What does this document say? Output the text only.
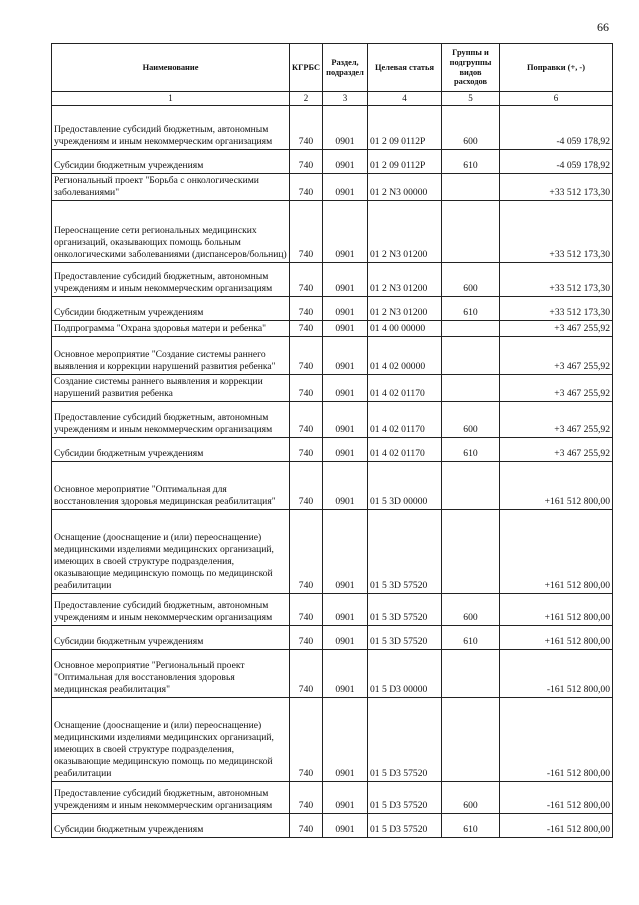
66
Наименование	КГРБС	Раздел, подраздел	Целевая статья	Группы и подгруппы видов расходов	Поправки (+, -)
1	2	3	4	5	6
Предоставление субсидий бюджетным, автономным учреждениям и иным некоммерческим организациям	740	0901	01 2 09 0112Р	600	-4 059 178,92
Субсидии бюджетным учреждениям	740	0901	01 2 09 0112Р	610	-4 059 178,92
Региональный проект "Борьба с онкологическими заболеваниями"	740	0901	01 2 N3 00000		+33 512 173,30
Переоснащение сети региональных медицинских организаций, оказывающих помощь больным онкологическими заболеваниями (диспансеров/больниц)	740	0901	01 2 N3 01200		+33 512 173,30
Предоставление субсидий бюджетным, автономным учреждениям и иным некоммерческим организациям	740	0901	01 2 N3 01200	600	+33 512 173,30
Субсидии бюджетным учреждениям	740	0901	01 2 N3 01200	610	+33 512 173,30
Подпрограмма "Охрана здоровья матери и ребенка"	740	0901	01 4 00 00000		+3 467 255,92
Основное мероприятие "Создание системы раннего выявления и коррекции нарушений развития ребенка"	740	0901	01 4 02 00000		+3 467 255,92
Создание системы раннего выявления и коррекции нарушений развития ребенка	740	0901	01 4 02 01170		+3 467 255,92
Предоставление субсидий бюджетным, автономным учреждениям и иным некоммерческим организациям	740	0901	01 4 02 01170	600	+3 467 255,92
Субсидии бюджетным учреждениям	740	0901	01 4 02 01170	610	+3 467 255,92
Основное мероприятие "Оптимальная для восстановления здоровья медицинская реабилитация"	740	0901	01 5 3D 00000		+161 512 800,00
Оснащение (дооснащение и (или) переоснащение) медицинскими изделиями медицинских организаций, имеющих в своей структуре подразделения, оказывающие медицинскую помощь по медицинской реабилитации	740	0901	01 5 3D 57520		+161 512 800,00
Предоставление субсидий бюджетным, автономным учреждениям и иным некоммерческим организациям	740	0901	01 5 3D 57520	600	+161 512 800,00
Субсидии бюджетным учреждениям	740	0901	01 5 3D 57520	610	+161 512 800,00
Основное мероприятие "Региональный проект "Оптимальная для восстановления здоровья медицинская реабилитация"	740	0901	01 5 D3 00000		-161 512 800,00
Оснащение (дооснащение и (или) переоснащение) медицинскими изделиями медицинских организаций, имеющих в своей структуре подразделения, оказывающие медицинскую помощь по медицинской реабилитации	740	0901	01 5 D3 57520		-161 512 800,00
Предоставление субсидий бюджетным, автономным учреждениям и иным некоммерческим организациям	740	0901	01 5 D3 57520	600	-161 512 800,00
Субсидии бюджетным учреждениям	740	0901	01 5 D3 57520	610	-161 512 800,00
